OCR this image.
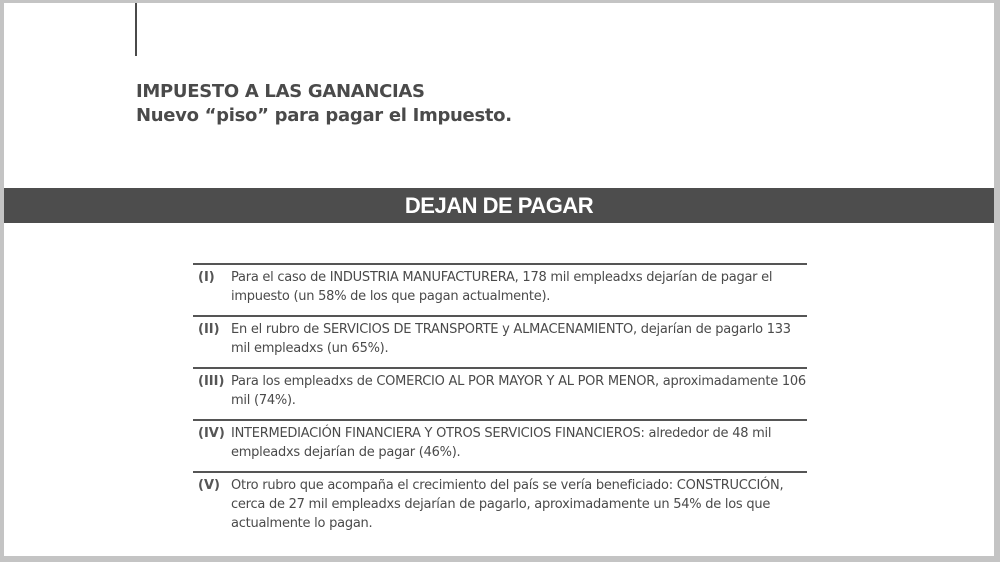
IMPUESTO A LAS GANANCIAS
Nuevo “piso” para pagar el Impuesto.
DEJAN DE PAGAR
(I)	Para el caso de INDUSTRIA MANUFACTURERA, 178 mil empleadxs dejarían de pagar el impuesto (un 58% de los que pagan actualmente).
(II) En el rubro de SERVICIOS DE TRANSPORTE y ALMACENAMIENTO, dejarían de pagarlo 133 mil empleadxs (un 65%).
(III) Para los empleadxs de COMERCIO AL POR MAYOR Y AL POR MENOR, aproximadamente 106 mil (74%).
(IV) INTERMEDIACIÓN FINANCIERA Y OTROS SERVICIOS FINANCIEROS: alrededor de 48 mil empleadxs dejarían de pagar (46%).
(V) Otro rubro que acompaña el crecimiento del país se vería beneficiado: CONSTRUCCIÓN, cerca de 27 mil empleadxs dejarían de pagarlo, aproximadamente un 54% de los que actualmente lo pagan.
